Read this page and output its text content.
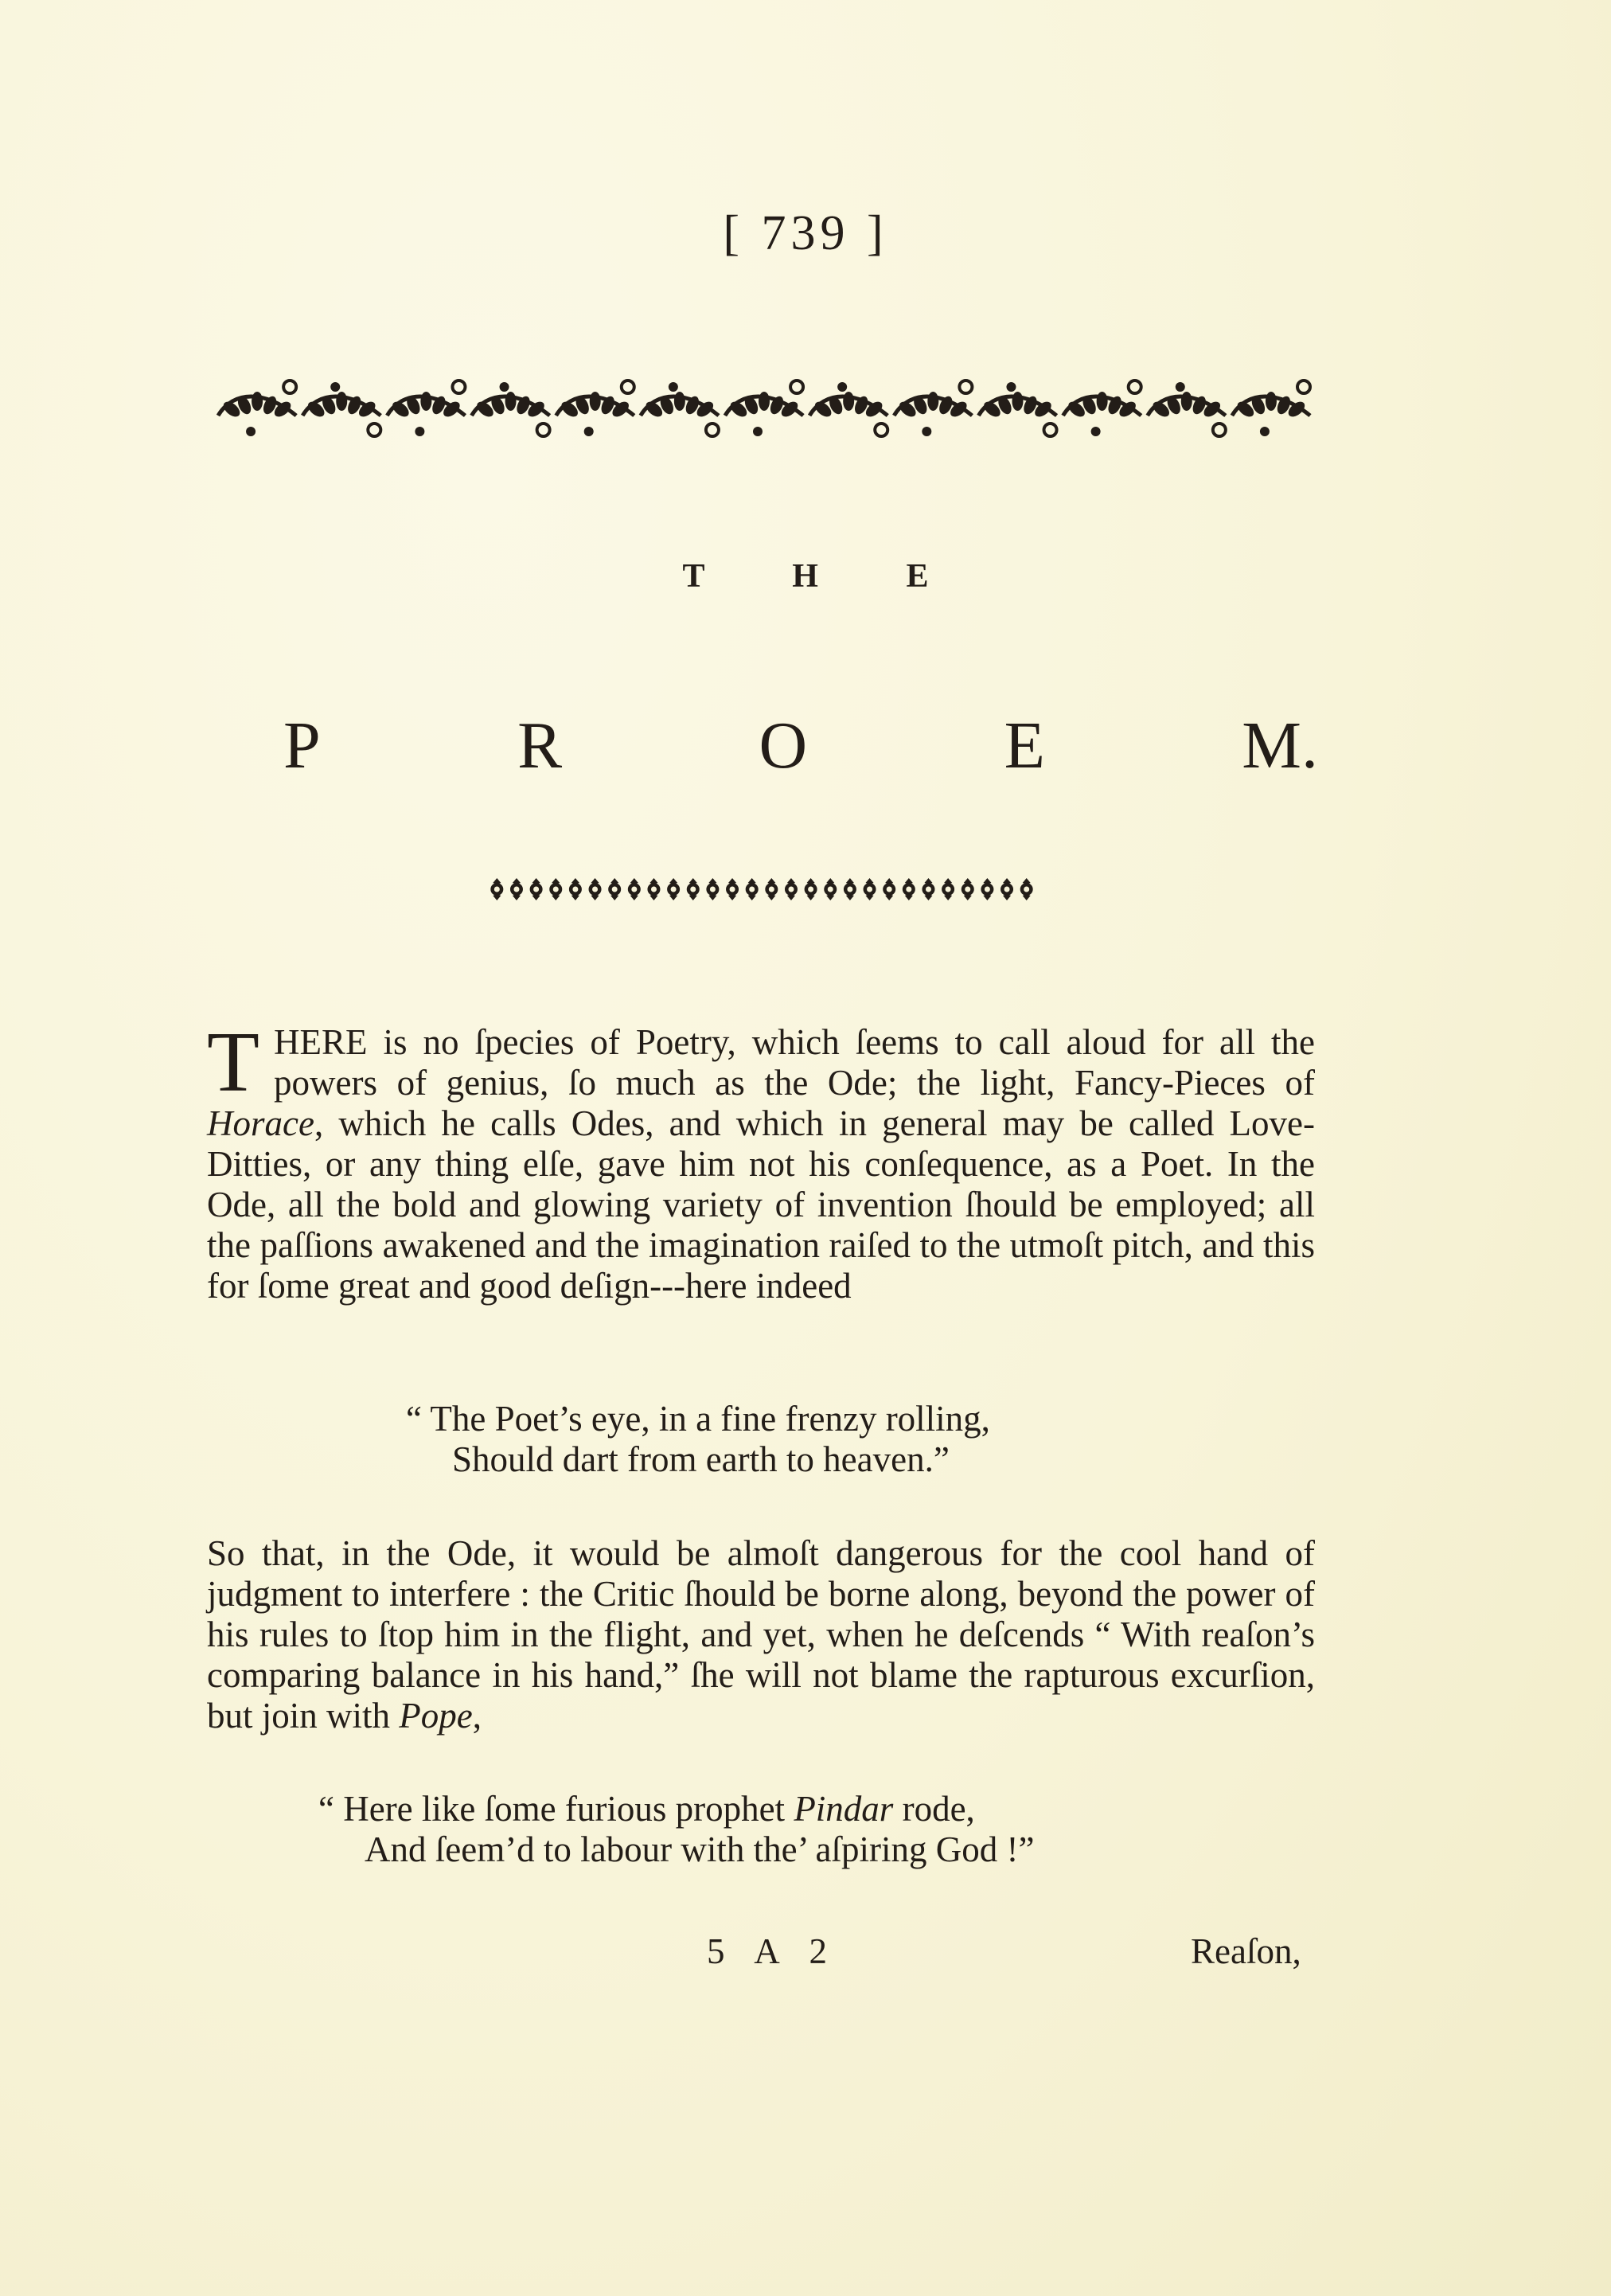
[ 739 ]
T H E
P	R	O	E	M.
THERE is no ſpecies of Poetry, which ſeems to call aloud for all the powers of genius, ſo much as the Ode; the light, Fancy-Pieces of Horace, which he calls Odes, and which in general may be called Love-Ditties, or any thing elſe, gave him not his conſequence, as a Poet. In the Ode, all the bold and glowing variety of invention ſhould be employed; all the paſſions awakened and the imagination raiſed to the utmoſt pitch, and this for ſome great and good deſign---here indeed
“ The Poet’s eye, in a fine frenzy rolling,
Should dart from earth to heaven.”
So that, in the Ode, it would be almoſt dangerous for the cool hand of judgment to interfere : the Critic ſhould be borne along, beyond the power of his rules to ſtop him in the flight, and yet, when he deſcends “ With reaſon’s comparing balance in his hand,” ſhe will not blame the rapturous excurſion, but join with Pope,
“ Here like ſome furious prophet Pindar rode,
And ſeem’d to labour with the’ aſpiring God !”
5 A 2	Reaſon,
